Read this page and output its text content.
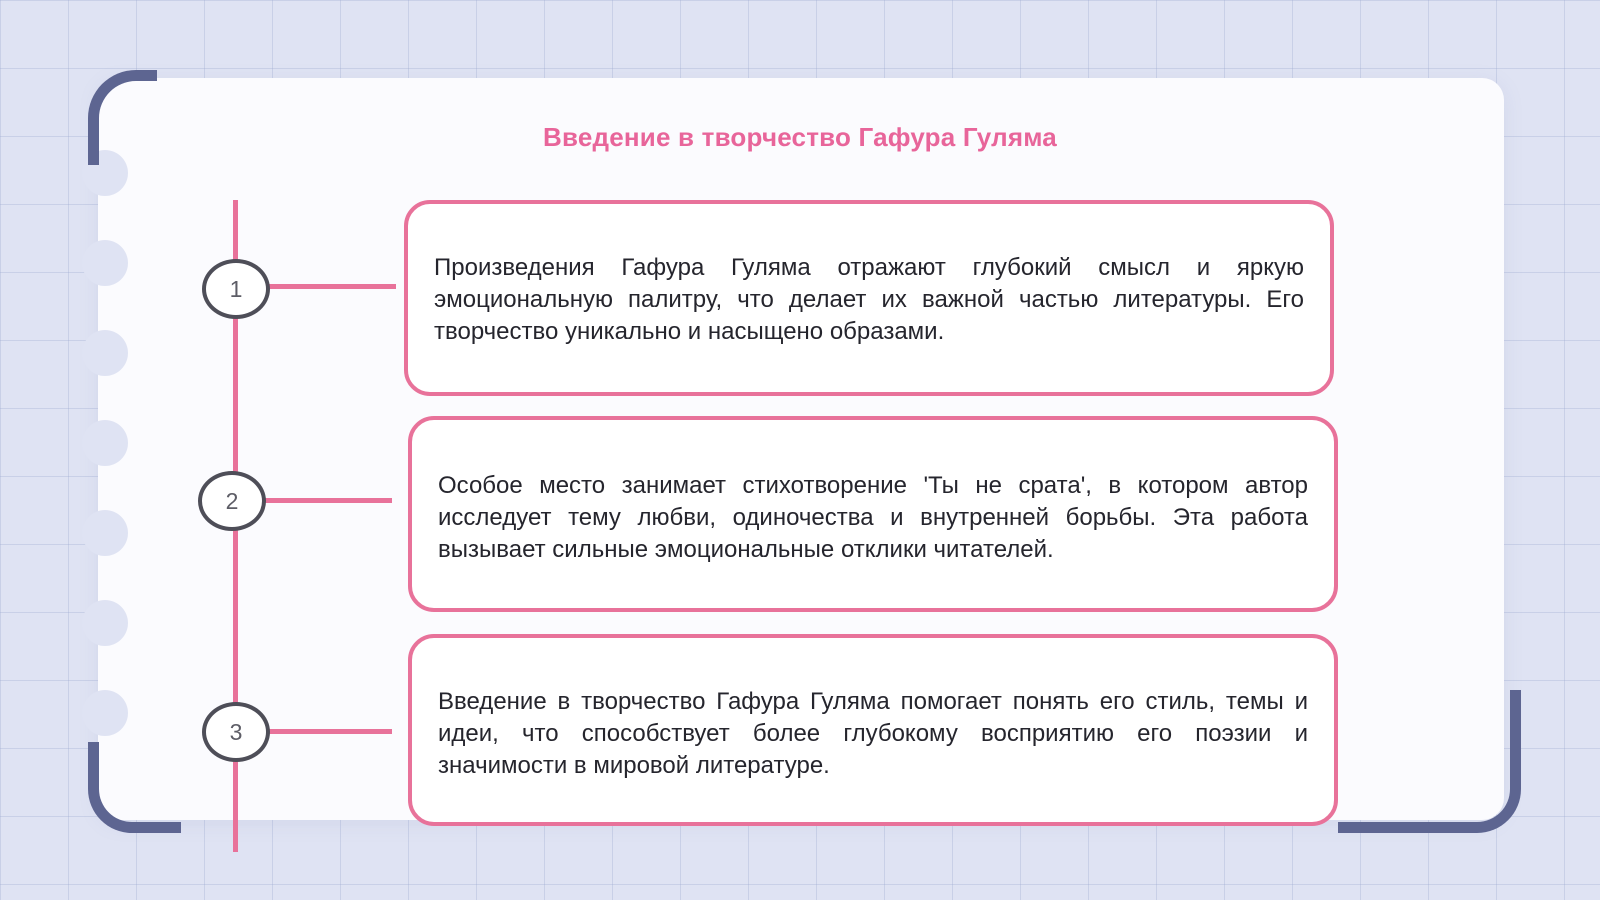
Введение в творчество Гафура Гуляма
1
2
3

Произведения Гафура Гуляма отражают глубокий смысл и яркую эмоциональную палитру, что делает их важной частью литературы. Его творчество уникально и насыщено образами.

Особое место занимает стихотворение 'Ты не срата', в котором автор исследует тему любви, одиночества и внутренней борьбы. Эта работа вызывает сильные эмоциональные отклики читателей.

Введение в творчество Гафура Гуляма помогает понять его стиль, темы и идеи, что способствует более глубокому восприятию его поэзии и значимости в мировой литературе.
